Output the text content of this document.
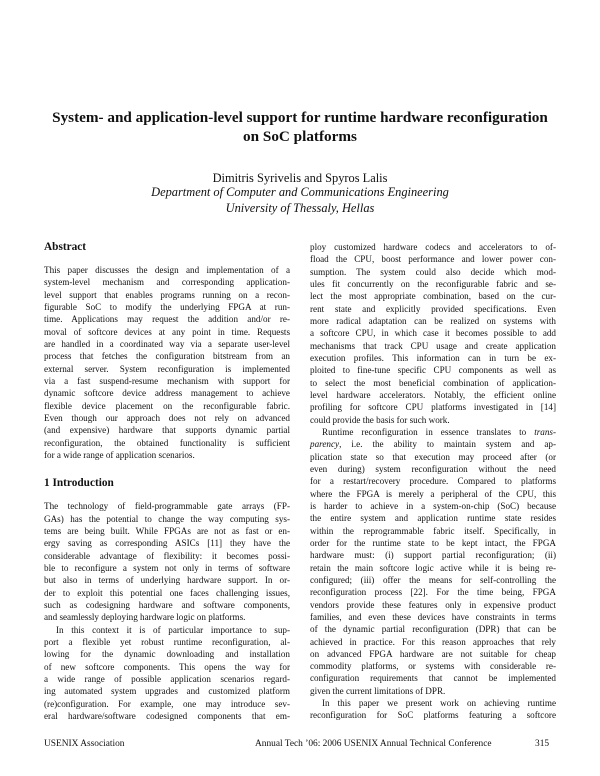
System- and application-level support for runtime hardware reconfiguration
on SoC platforms
Dimitris Syrivelis and Spyros Lalis
Department of Computer and Communications Engineering
University of Thessaly, Hellas
Abstract
This paper discusses the design and implementation of a
system-level mechanism and corresponding application-
level support that enables programs running on a recon-
figurable SoC to modify the underlying FPGA at run-
time. Applications may request the addition and/or re-
moval of softcore devices at any point in time. Requests
are handled in a coordinated way via a separate user-level
process that fetches the configuration bitstream from an
external server. System reconfiguration is implemented
via a fast suspend-resume mechanism with support for
dynamic softcore device address management to achieve
flexible device placement on the reconfigurable fabric.
Even though our approach does not rely on advanced
(and expensive) hardware that supports dynamic partial
reconfiguration, the obtained functionality is sufficient
for a wide range of application scenarios.
1 Introduction
The technology of field-programmable gate arrays (FP-
GAs) has the potential to change the way computing sys-
tems are being built. While FPGAs are not as fast or en-
ergy saving as corresponding ASICs [11] they have the
considerable advantage of flexibility: it becomes possi-
ble to reconfigure a system not only in terms of software
but also in terms of underlying hardware support. In or-
der to exploit this potential one faces challenging issues,
such as codesigning hardware and software components,
and seamlessly deploying hardware logic on platforms.
In this context it is of particular importance to sup-
port a flexible yet robust runtime reconfiguration, al-
lowing for the dynamic downloading and installation
of new softcore components. This opens the way for
a wide range of possible application scenarios regard-
ing automated system upgrades and customized platform
(re)configuration. For example, one may introduce sev-
eral hardware/software codesigned components that em-
ploy customized hardware codecs and accelerators to of-
fload the CPU, boost performance and lower power con-
sumption. The system could also decide which mod-
ules fit concurrently on the reconfigurable fabric and se-
lect the most appropriate combination, based on the cur-
rent state and explicitly provided specifications. Even
more radical adaptation can be realized on systems with
a softcore CPU, in which case it becomes possible to add
mechanisms that track CPU usage and create application
execution profiles. This information can in turn be ex-
ploited to fine-tune specific CPU components as well as
to select the most beneficial combination of application-
level hardware accelerators. Notably, the efficient online
profiling for softcore CPU platforms investigated in [14]
could provide the basis for such work.
Runtime reconfiguration in essence translates to trans-
parency, i.e. the ability to maintain system and ap-
plication state so that execution may proceed after (or
even during) system reconfiguration without the need
for a restart/recovery procedure. Compared to platforms
where the FPGA is merely a peripheral of the CPU, this
is harder to achieve in a system-on-chip (SoC) because
the entire system and application runtime state resides
within the reprogrammable fabric itself. Specifically, in
order for the runtime state to be kept intact, the FPGA
hardware must: (i) support partial reconfiguration; (ii)
retain the main softcore logic active while it is being re-
configured; (iii) offer the means for self-controlling the
reconfiguration process [22]. For the time being, FPGA
vendors provide these features only in expensive product
families, and even these devices have constraints in terms
of the dynamic partial reconfiguration (DPR) that can be
achieved in practice. For this reason approaches that rely
on advanced FPGA hardware are not suitable for cheap
commodity platforms, or systems with considerable re-
configuration requirements that cannot be implemented
given the current limitations of DPR.
In this paper we present work on achieving runtime
reconfiguration for SoC platforms featuring a softcore
USENIX Association	Annual Tech ’06: 2006 USENIX Annual Technical Conference	315
